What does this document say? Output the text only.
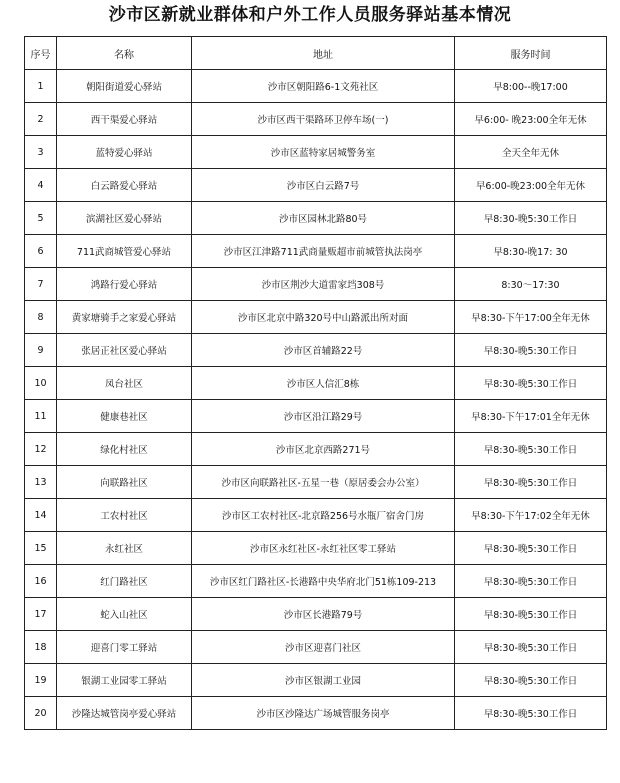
沙市区新就业群体和户外工作人员服务驿站基本情况
序号	名称	地址	服务时间
1	朝阳街道爱心驿站	沙市区朝阳路6-1文苑社区	早8:00--晚17:00
2	西干渠爱心驿站	沙市区西干渠路环卫停车场(一)	早6:00- 晚23:00全年无休
3	蓝特爱心驿站	沙市区蓝特家居城警务室	全天全年无休
4	白云路爱心驿站	沙市区白云路7号	早6:00-晚23:00全年无休
5	滨湖社区爱心驿站	沙市区园林北路80号	早8:30-晚5:30工作日
6	711武商城管爱心驿站	沙市区江津路711武商量贩超市前城管执法岗亭	早8:30-晚17: 30
7	鸿路行爱心驿站	沙市区荆沙大道雷家垱308号	8:30～17:30
8	黄家塘骑手之家爱心驿站	沙市区北京中路320号中山路派出所对面	早8:30-下午17:00全年无休
9	张居正社区爱心驿站	沙市区首辅路22号	早8:30-晚5:30工作日
10	凤台社区	沙市区人信汇8栋	早8:30-晚5:30工作日
11	健康巷社区	沙市区沿江路29号	早8:30-下午17:01全年无休
12	绿化村社区	沙市区北京西路271号	早8:30-晚5:30工作日
13	向联路社区	沙市区向联路社区-五星一巷（原居委会办公室）	早8:30-晚5:30工作日
14	工农村社区	沙市区工农村社区-北京路256号水瓶厂宿舍门房	早8:30-下午17:02全年无休
15	永红社区	沙市区永红社区-永红社区零工驿站	早8:30-晚5:30工作日
16	红门路社区	沙市区红门路社区-长港路中央华府北门51栋109-213	早8:30-晚5:30工作日
17	蛇入山社区	沙市区长港路79号	早8:30-晚5:30工作日
18	迎喜门零工驿站	沙市区迎喜门社区	早8:30-晚5:30工作日
19	银湖工业园零工驿站	沙市区银湖工业园	早8:30-晚5:30工作日
20	沙隆达城管岗亭爱心驿站	沙市区沙隆达广场城管服务岗亭	早8:30-晚5:30工作日
